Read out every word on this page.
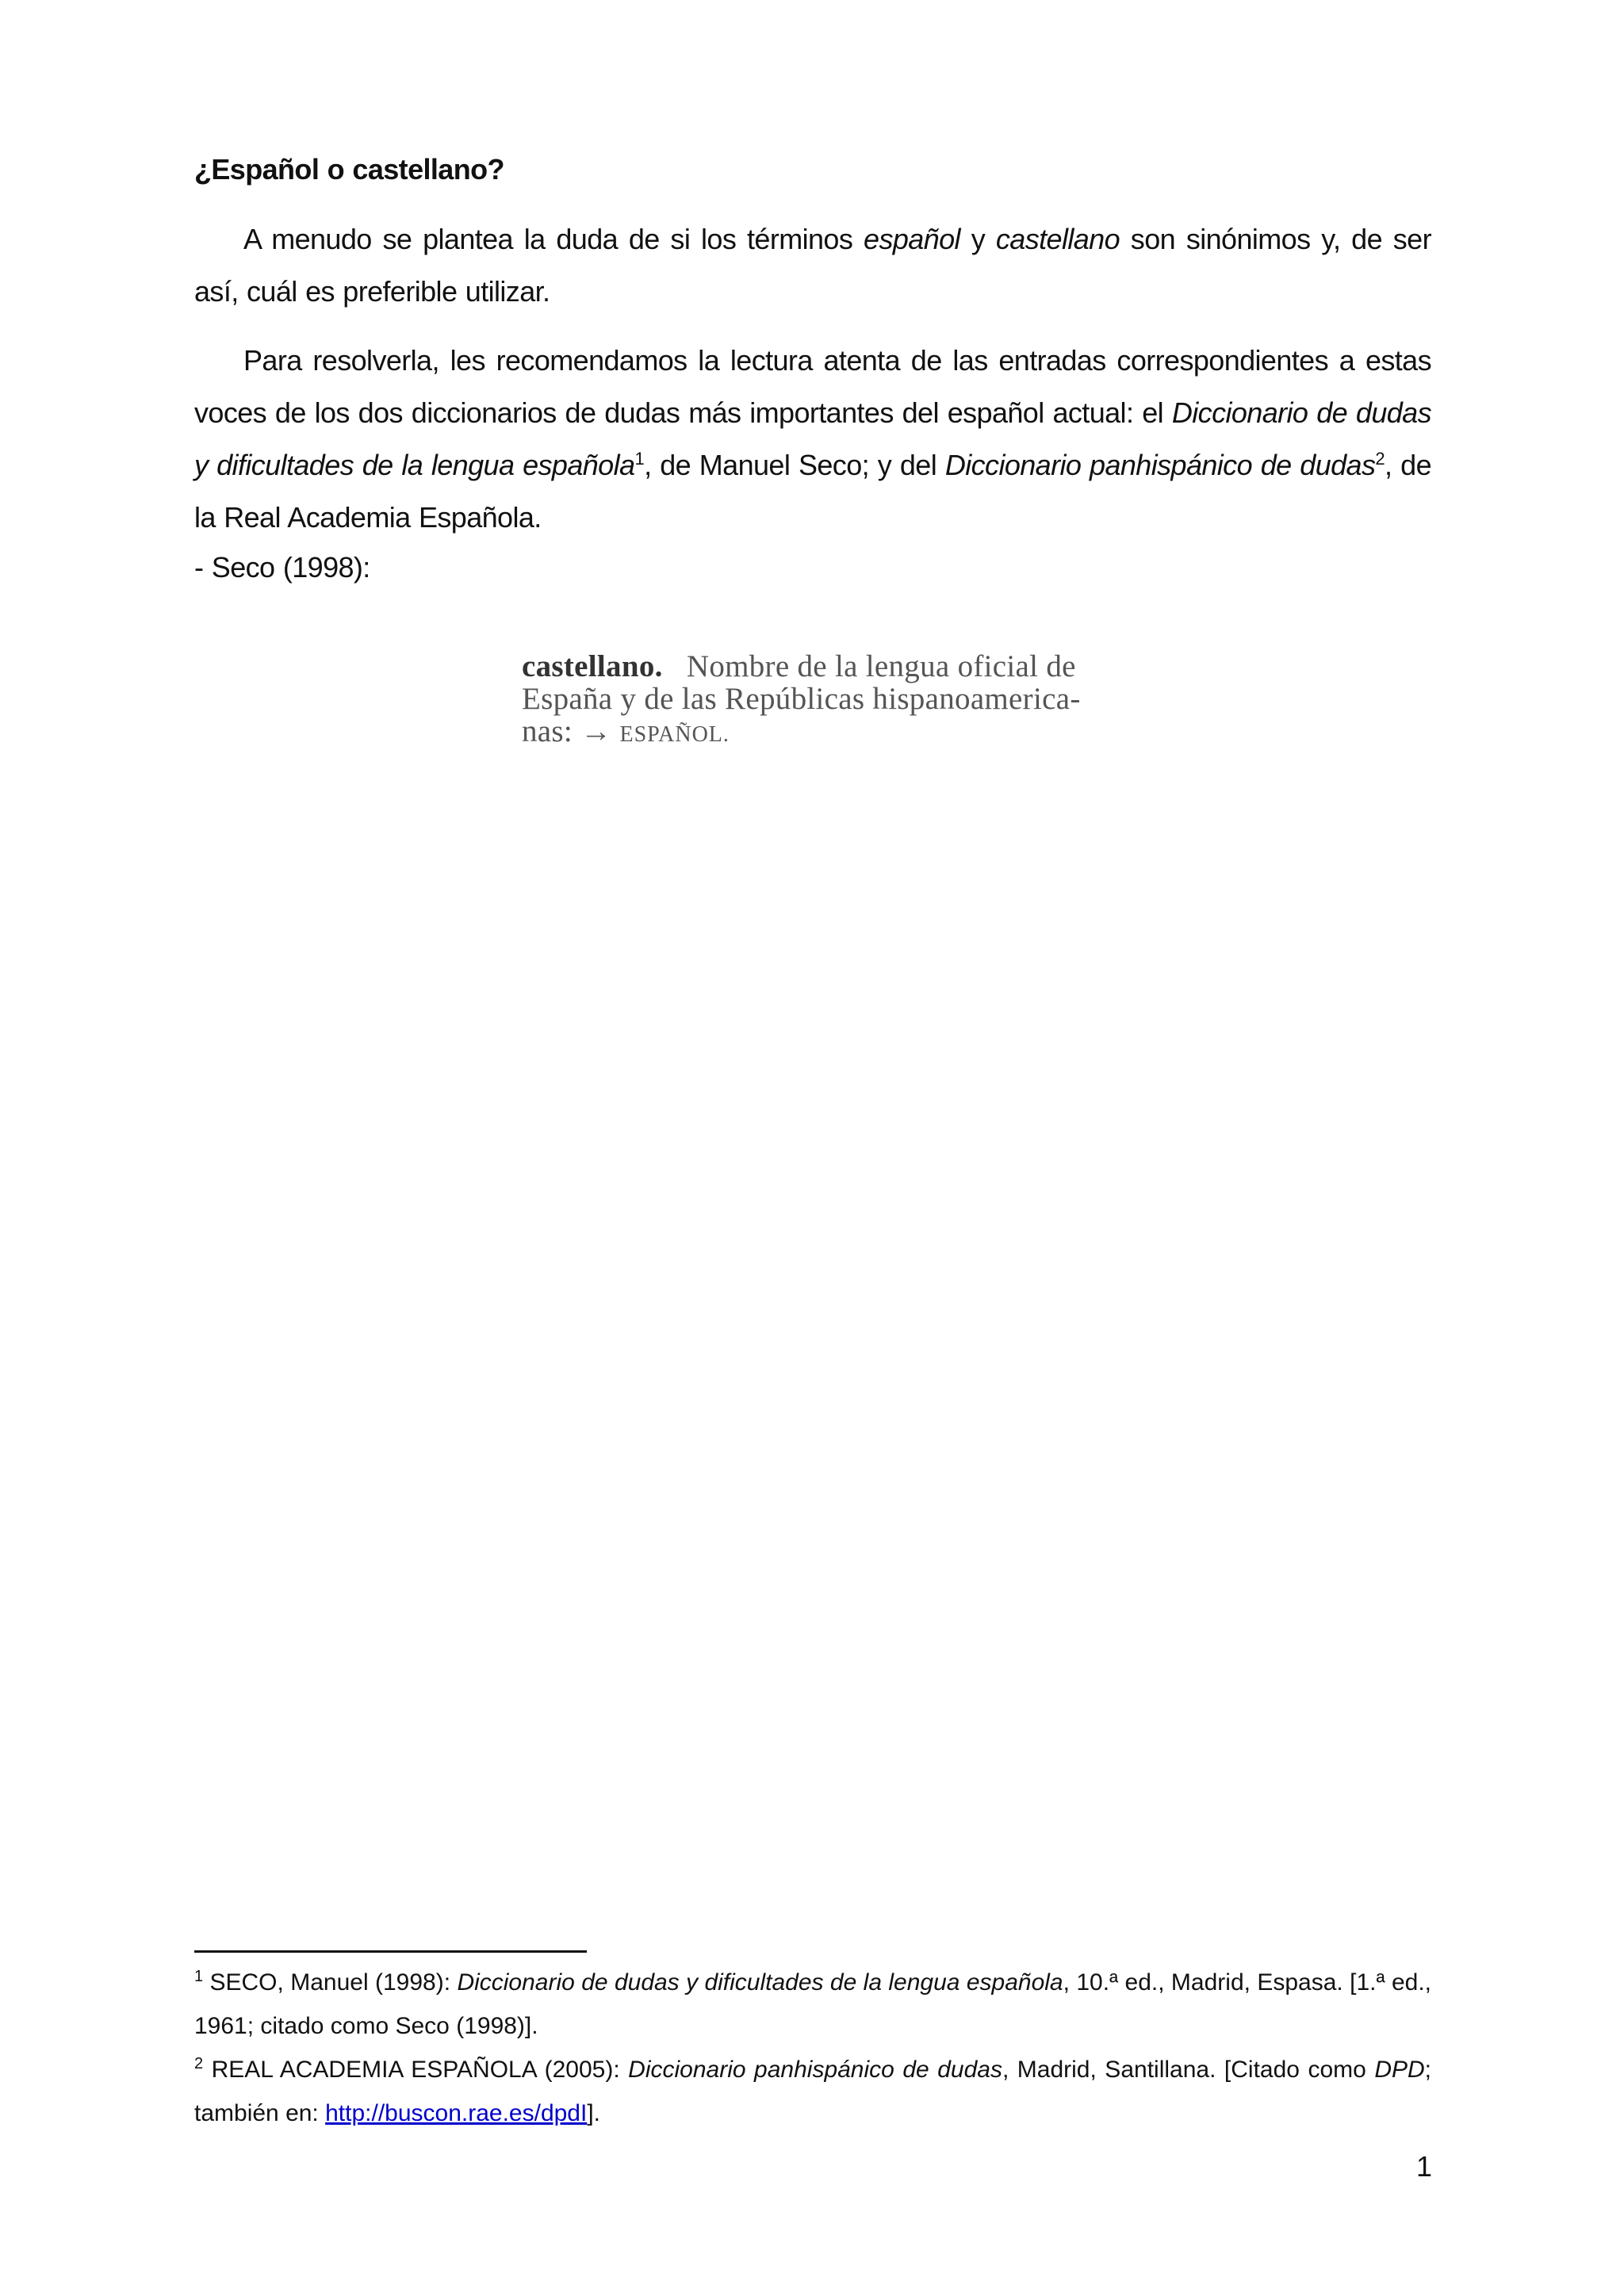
¿Español o castellano?

A menudo se plantea la duda de si los términos español y castellano son sinónimos y, de ser así, cuál es preferible utilizar.

Para resolverla, les recomendamos la lectura atenta de las entradas correspondientes a estas voces de los dos diccionarios de dudas más importantes del español actual: el Diccionario de dudas y dificultades de la lengua española$^1$, de Manuel Seco; y del Diccionario panhispánico de dudas$^2$, de la Real Academia Española.

- Seco (1998):
castellano. Nombre de la lengua oficial de España y de las Repúblicas hispanoamerica-nas: → ESPAÑOL.

$^1$ SECO, Manuel (1998): Diccionario de dudas y dificultades de la lengua española, 10.ª ed., Madrid, Espasa. [1.ª ed., 1961; citado como Seco (1998)].

$^2$ REAL ACADEMIA ESPAÑOLA (2005): Diccionario panhispánico de dudas, Madrid, Santillana. [Citado como DPD; también en: http://buscon.rae.es/dpdI].

1
